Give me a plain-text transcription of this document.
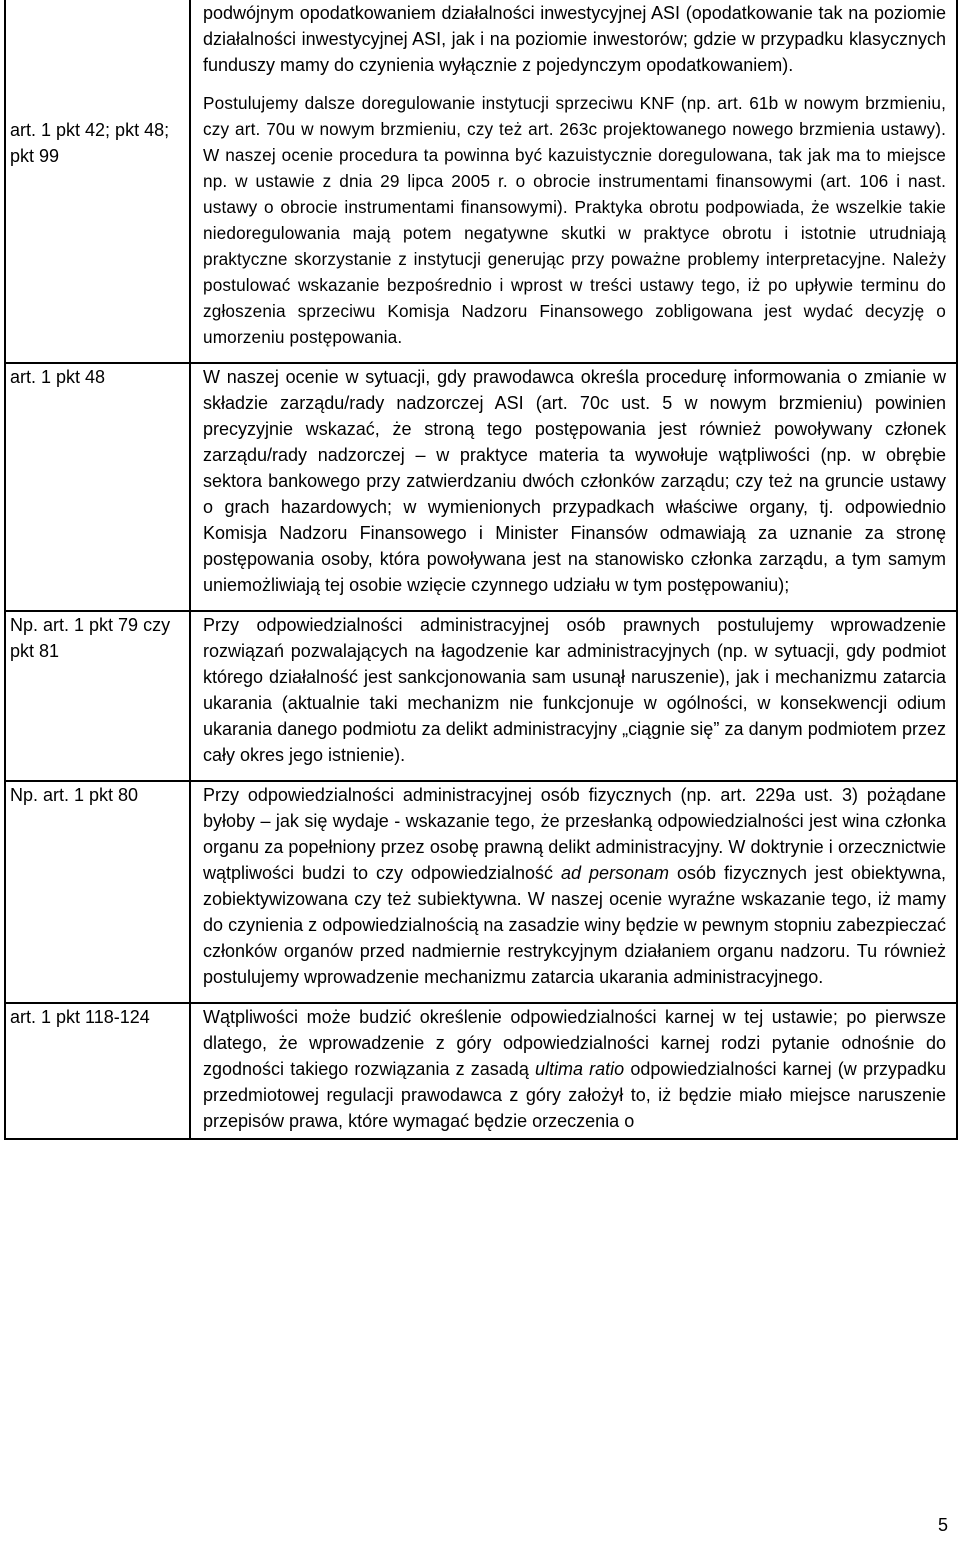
art. 1 pkt 42; pkt 48; pkt 99	podwójnym opodatkowaniem działalności inwestycyjnej ASI (opodatkowanie tak na poziomie działalności inwestycyjnej ASI, jak i na poziomie inwestorów; gdzie w przypadku klasycznych funduszy mamy do czynienia wyłącznie z pojedynczym opodatkowaniem).
Postulujemy dalsze doregulowanie instytucji sprzeciwu KNF (np. art. 61b w nowym brzmieniu, czy art. 70u w nowym brzmieniu, czy też art. 263c projektowanego nowego brzmienia ustawy). W naszej ocenie procedura ta powinna być kazuistycznie doregulowana, tak jak ma to miejsce np. w ustawie z dnia 29 lipca 2005 r. o obrocie instrumentami finansowymi (art. 106 i nast. ustawy o obrocie instrumentami finansowymi). Praktyka obrotu podpowiada, że wszelkie takie niedoregulowania mają potem negatywne skutki w praktyce obrotu i istotnie utrudniają praktyczne skorzystanie z instytucji generując przy poważne problemy interpretacyjne. Należy postulować wskazanie bezpośrednio i wprost w treści ustawy tego, iż po upływie terminu do zgłoszenia sprzeciwu Komisja Nadzoru Finansowego zobligowana jest wydać decyzję o umorzeniu postępowania.

art. 1 pkt 48	W naszej ocenie w sytuacji, gdy prawodawca określa procedurę informowania o zmianie w składzie zarządu/rady nadzorczej ASI (art. 70c ust. 5 w nowym brzmieniu) powinien precyzyjnie wskazać, że stroną tego postępowania jest również powoływany członek zarządu/rady nadzorczej – w praktyce materia ta wywołuje wątpliwości (np. w obrębie sektora bankowego przy zatwierdzaniu dwóch członków zarządu; czy też na gruncie ustawy o grach hazardowych; w wymienionych przypadkach właściwe organy, tj. odpowiednio Komisja Nadzoru Finansowego i Minister Finansów odmawiają za uznanie za stronę postępowania osoby, która powoływana jest na stanowisko członka zarządu, a tym samym uniemożliwiają tej osobie wzięcie czynnego udziału w tym postępowaniu);

Np. art. 1 pkt 79 czy pkt 81	Przy odpowiedzialności administracyjnej osób prawnych postulujemy wprowadzenie rozwiązań pozwalających na łagodzenie kar administracyjnych (np. w sytuacji, gdy podmiot którego działalność jest sankcjonowania sam usunął naruszenie), jak i mechanizmu zatarcia ukarania (aktualnie taki mechanizm nie funkcjonuje w ogólności, w konsekwencji odium ukarania danego podmiotu za delikt administracyjny „ciągnie się” za danym podmiotem przez cały okres jego istnienie).

Np. art. 1 pkt 80	Przy odpowiedzialności administracyjnej osób fizycznych (np. art. 229a ust. 3) pożądane byłoby – jak się wydaje - wskazanie tego, że przesłanką odpowiedzialności jest wina członka organu za popełniony przez osobę prawną delikt administracyjny. W doktrynie i orzecznictwie wątpliwości budzi to czy odpowiedzialność ad personam osób fizycznych jest obiektywna, zobiektywizowana czy też subiektywna. W naszej ocenie wyraźne wskazanie tego, iż mamy do czynienia z odpowiedzialnością na zasadzie winy będzie w pewnym stopniu zabezpieczać członków organów przed nadmiernie restrykcyjnym działaniem organu nadzoru. Tu również postulujemy wprowadzenie mechanizmu zatarcia ukarania administracyjnego.

art. 1 pkt 118-124	Wątpliwości może budzić określenie odpowiedzialności karnej w tej ustawie; po pierwsze dlatego, że wprowadzenie z góry odpowiedzialności karnej rodzi pytanie odnośnie do zgodności takiego rozwiązania z zasadą ultima ratio odpowiedzialności karnej (w przypadku przedmiotowej regulacji prawodawca z góry założył to, iż będzie miało miejsce naruszenie przepisów prawa, które wymagać będzie orzeczenia o
5
